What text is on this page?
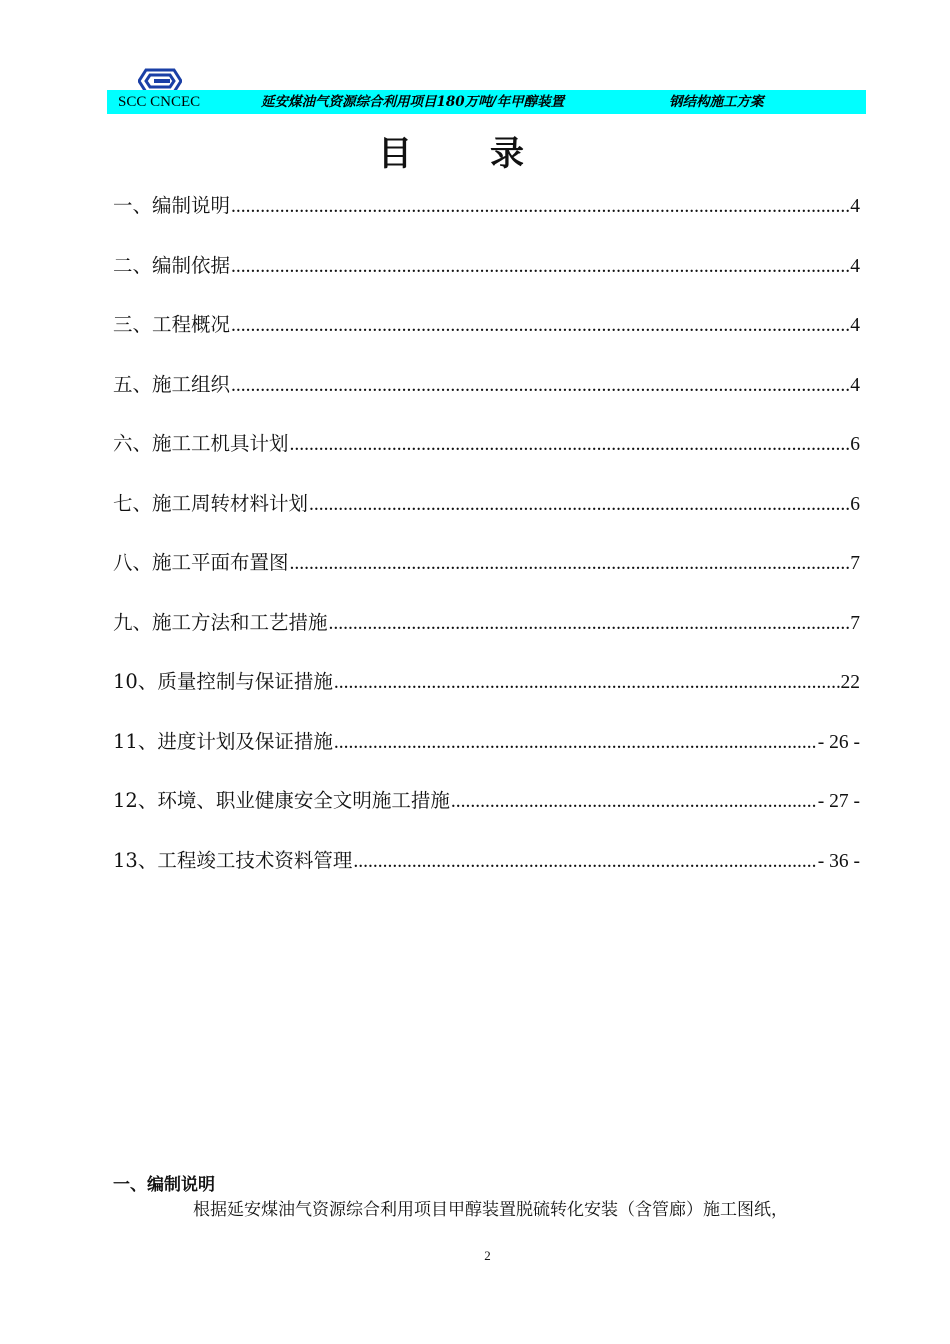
SCC CNCEC	延安煤油气资源综合利用项目180万吨/年甲醇装置	钢结构施工方案
目录
一、编制说明 .....	4
二、编制依据 .....	4
三、工程概况 .....	4
五、施工组织 .....	4
六、施工工机具计划 .....	6
七、施工周转材料计划 .....	6
八、施工平面布置图 .....	7
九、施工方法和工艺措施 .....	7
10、质量控制与保证措施 .....	22
11、进度计划及保证措施 .....	- 26 -
12、环境、职业健康安全文明施工措施 .....	- 27 -
13、工程竣工技术资料管理 .....	- 36 -
一、编制说明
根据延安煤油气资源综合利用项目甲醇装置脱硫转化安装（含管廊）施工图纸，
2
